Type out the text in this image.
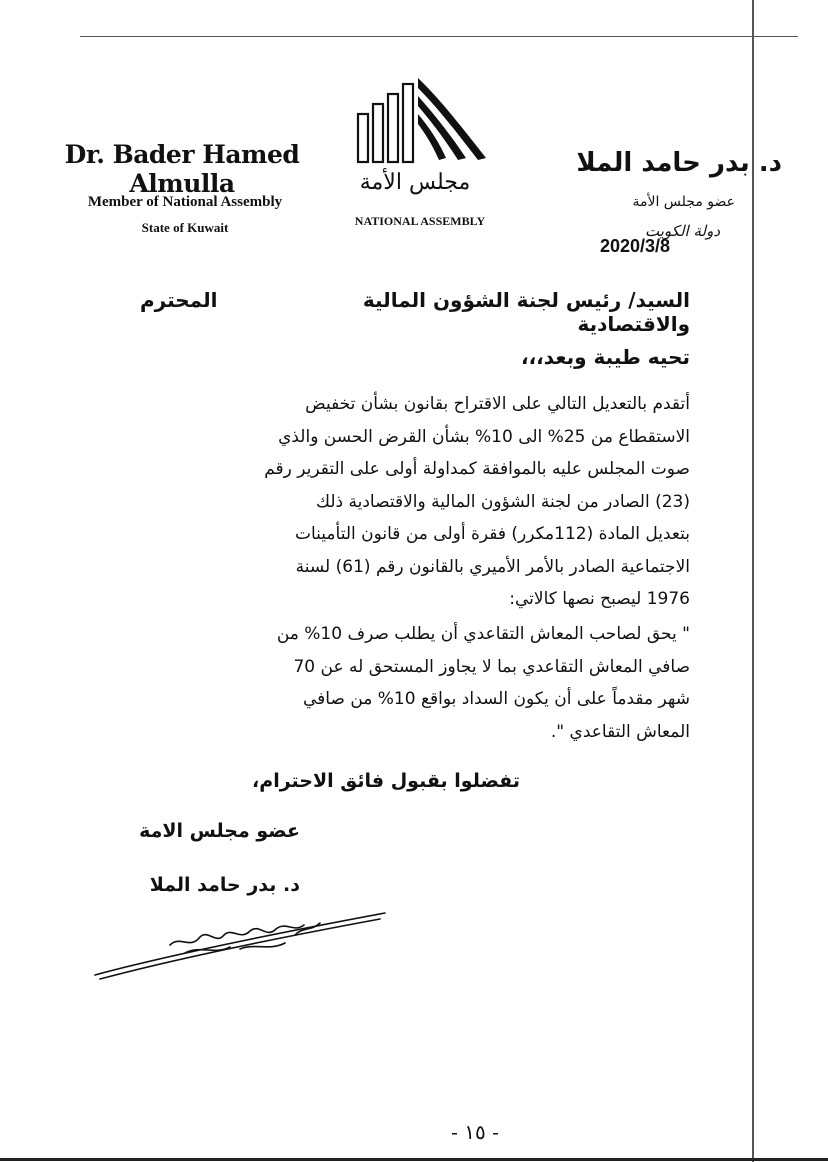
Dr. Bader Hamed Almulla
Member of National Assembly
State of Kuwait
مجلس الأمة
NATIONAL ASSEMBLY
د. بدر حامد الملا
عضو مجلس الأمة
دولة الكويت
2020/3/8
السيد/ رئيس لجنة الشؤون المالية والاقتصادية
المحترم
تحيه طيبة وبعد،،،

أتقدم بالتعديل التالي على الاقتراح بقانون بشأن تخفيض

الاستقطاع من 25% الى 10% بشأن القرض الحسن والذي

صوت المجلس عليه بالموافقة كمداولة أولى على التقرير رقم

(23) الصادر من لجنة الشؤون المالية والاقتصادية ذلك

بتعديل المادة (112مكرر) فقرة أولى من قانون التأمينات

الاجتماعية الصادر بالأمر الأميري بالقانون رقم (61) لسنة

1976 ليصبح نصها كالاتي:

" يحق لصاحب المعاش التقاعدي أن يطلب صرف 10% من

صافي المعاش التقاعدي بما لا يجاوز المستحق له عن 70

شهر مقدماً على أن يكون السداد بواقع 10% من صافي

المعاش التقاعدي ".

تفضلوا بقبول فائق الاحترام،
عضو مجلس الامة
د. بدر حامد الملا
- ١٥ -
